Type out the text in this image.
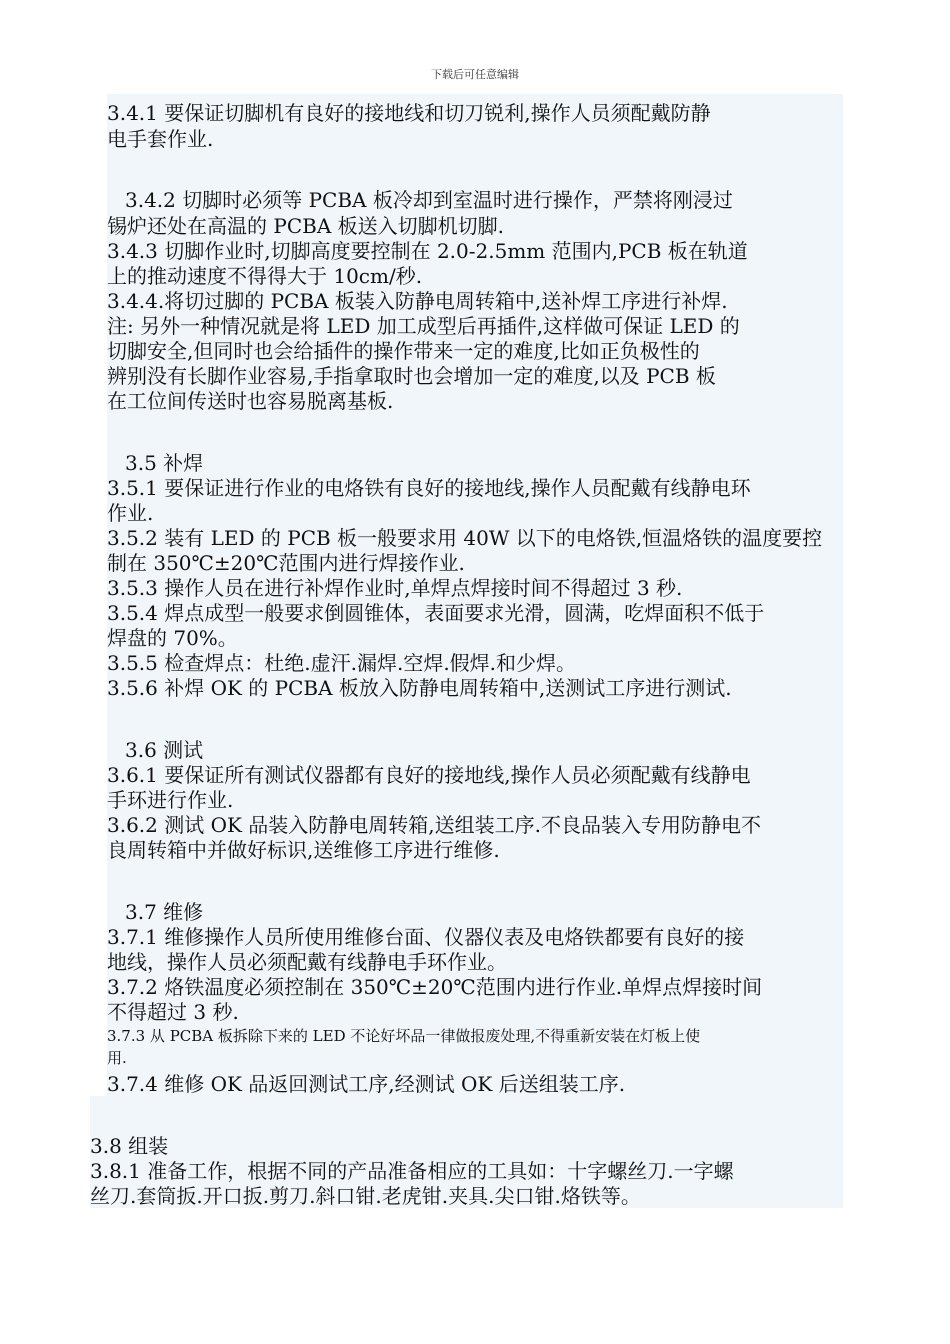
下载后可任意编辑
3.4.1 要保证切脚机有良好的接地线和切刀锐利,操作人员须配戴防静
电手套作业.
3.4.2 切脚时必须等 PCBA 板冷却到室温时进行操作，严禁将刚浸过
锡炉还处在高温的 PCBA 板送入切脚机切脚.
3.4.3 切脚作业时,切脚高度要控制在 2.0-2.5mm 范围内,PCB 板在轨道
上的推动速度不得得大于 10cm/秒.
3.4.4.将切过脚的 PCBA 板装入防静电周转箱中,送补焊工序进行补焊.
注: 另外一种情况就是将 LED 加工成型后再插件,这样做可保证 LED 的
切脚安全,但同时也会给插件的操作带来一定的难度,比如正负极性的
辨别没有长脚作业容易,手指拿取时也会增加一定的难度,以及 PCB 板
在工位间传送时也容易脱离基板.
3.5 补焊
3.5.1 要保证进行作业的电烙铁有良好的接地线,操作人员配戴有线静电环
作业.
3.5.2 装有 LED 的 PCB 板一般要求用 40W 以下的电烙铁,恒温烙铁的温度要控
制在 350℃±20℃范围内进行焊接作业.
3.5.3 操作人员在进行补焊作业时,单焊点焊接时间不得超过 3 秒.
3.5.4 焊点成型一般要求倒圆锥体，表面要求光滑，圆满，吃焊面积不低于
焊盘的 70%。
3.5.5 检查焊点：杜绝.虚汗.漏焊.空焊.假焊.和少焊。
3.5.6 补焊 OK 的 PCBA 板放入防静电周转箱中,送测试工序进行测试.
3.6 测试
3.6.1 要保证所有测试仪器都有良好的接地线,操作人员必须配戴有线静电
手环进行作业.
3.6.2 测试 OK 品装入防静电周转箱,送组装工序.不良品装入专用防静电不
良周转箱中并做好标识,送维修工序进行维修.
3.7 维修
3.7.1 维修操作人员所使用维修台面、仪器仪表及电烙铁都要有良好的接
地线，操作人员必须配戴有线静电手环作业。
3.7.2 烙铁温度必须控制在 350℃±20℃范围内进行作业.单焊点焊接时间
不得超过 3 秒.
3.7.3 从 PCBA 板拆除下来的 LED 不论好坏品一律做报废处理,不得重新安装在灯板上使
用.
3.7.4 维修 OK 品返回测试工序,经测试 OK 后送组装工序.
3.8 组装
3.8.1 准备工作，根据不同的产品准备相应的工具如：十字螺丝刀.一字螺
丝刀.套筒扳.开口扳.剪刀.斜口钳.老虎钳.夹具.尖口钳.烙铁等。
